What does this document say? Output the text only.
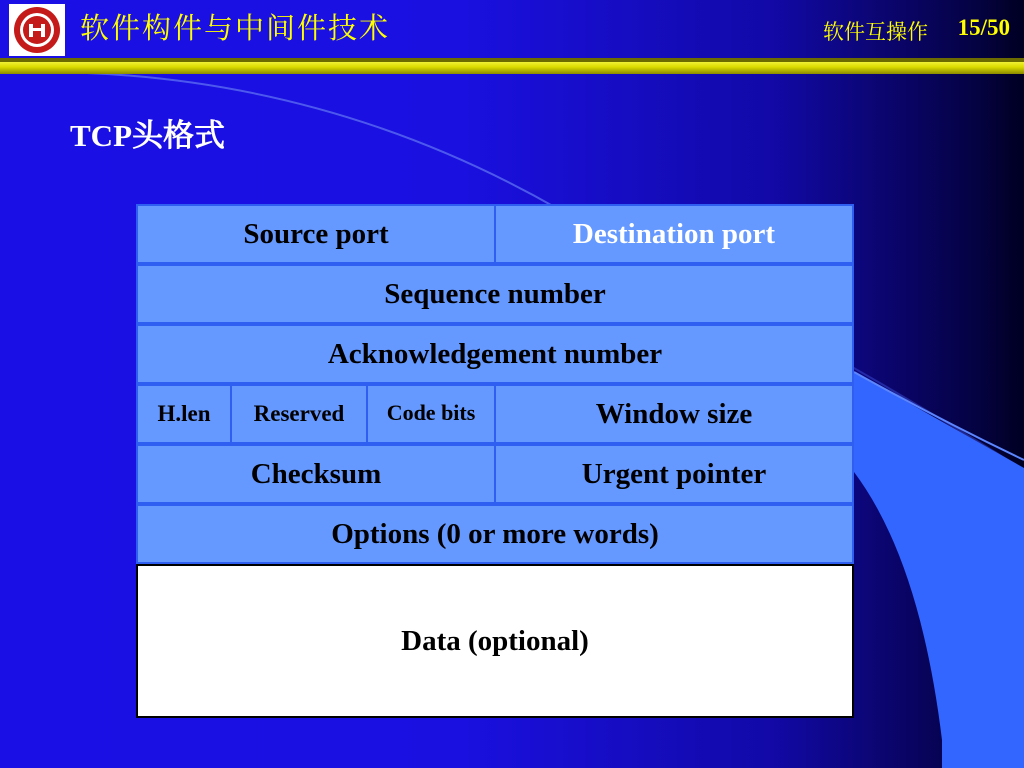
软件构件与中间件技术	软件互操作 15/50
TCP头格式
Source port	Destination port
Sequence number
Acknowledgement number
H.len	Reserved	Code bits	Window size
Checksum	Urgent pointer
Options (0 or more words)
Data (optional)
